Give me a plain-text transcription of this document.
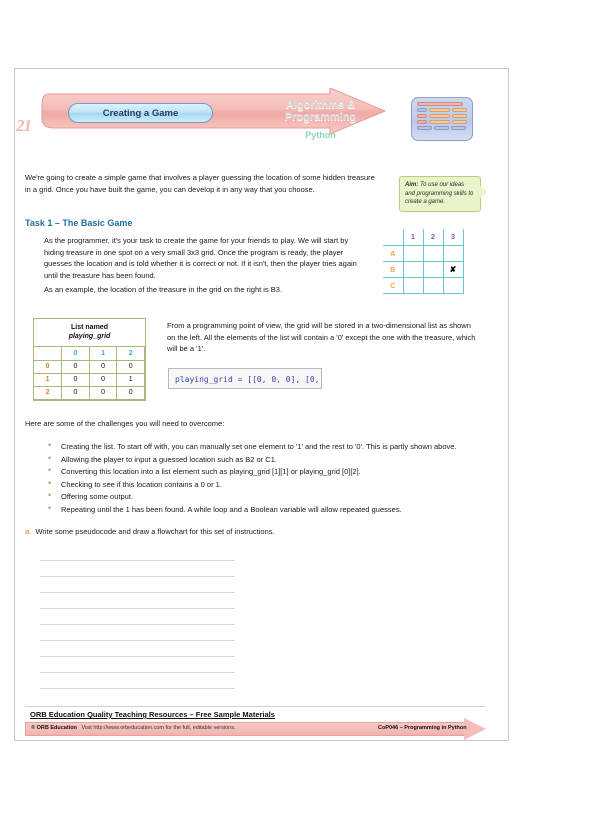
21
Creating a Game
Algorithms & Programming
Python
We're going to create a simple game that involves a player guessing the location of some hidden treasure in a grid. Once you have built the game, you can develop it in any way that you choose.	Aim: To use our ideas and programming skills to create a game.
Task 1 – The Basic Game
As the programmer, it's your task to create the game for your friends to play. We will start by hiding treasure in one spot on a very small 3x3 grid. Once the program is ready, the player guesses the location and is told whether it is correct or not. If it isn't, then the player tries again until the treasure has been found.
As an example, the location of the treasure in the grid on the right is B3.
	1	2	3
A			
B			✘
C			
List named
playing_grid
	0	1	2
0	0	0	0
1	0	0	1
2	0	0	0
From a programming point of view, the grid will be stored in a two-dimensional list as shown on the left. All the elements of the list will contain a '0' except the one with the treasure, which will be a '1'.
playing_grid = [[0, 0, 0], [0,
Here are some of the challenges you will need to overcome:
• Creating the list. To start off with, you can manually set one element to '1' and the rest to '0'. This is partly shown above.
• Allowing the player to input a guessed location such as B2 or C1.
• Converting this location into a list element such as playing_grid [1][1] or playing_grid [0][2].
• Checking to see if this location contains a 0 or 1.
• Offering some output.
• Repeating until the 1 has been found. A while loop and a Boolean variable will allow repeated guesses.
a. Write some pseudocode and draw a flowchart for this set of instructions.
ORB Education Quality Teaching Resources – Free Sample Materials
© ORB Education Visit http://www.orbeducation.com for the full, editable versions.	CoP046 – Programming in Python
